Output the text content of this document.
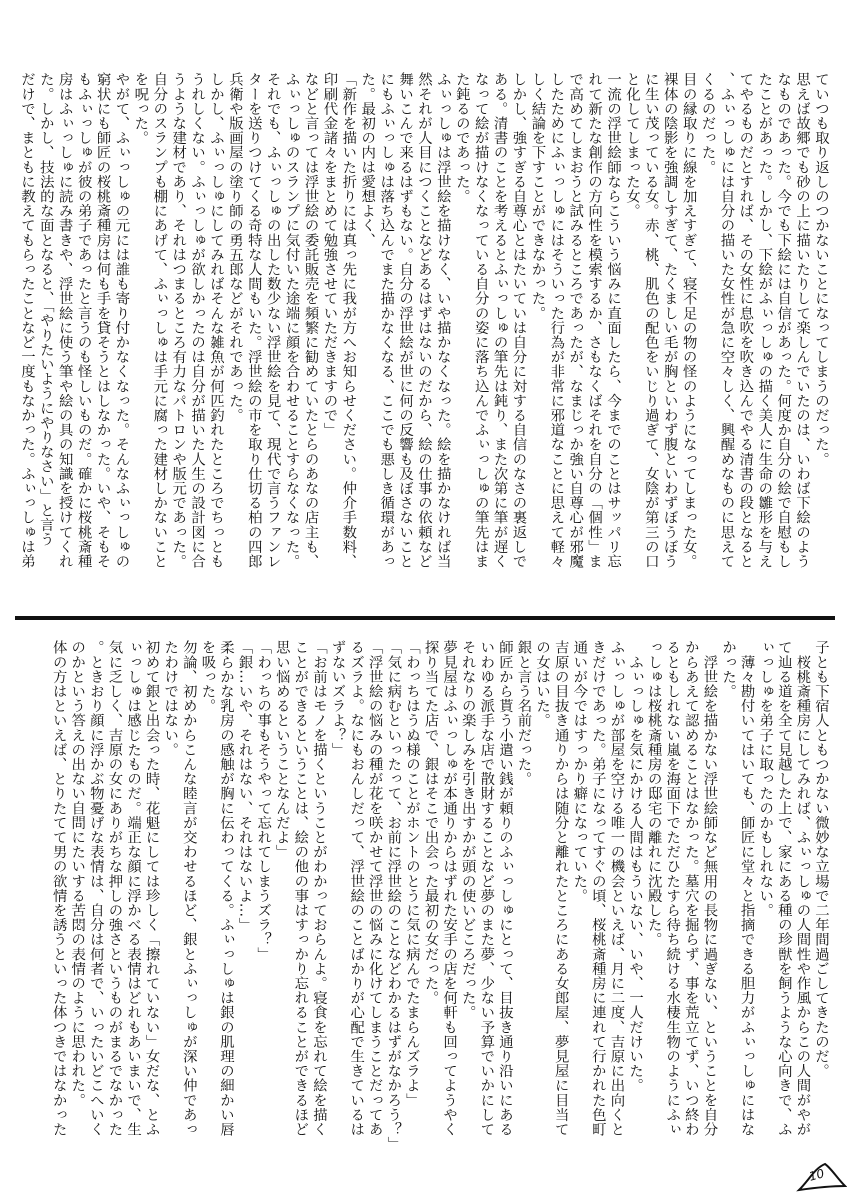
ていつも取り返しのつかないことになってしまうのだった。
思えば故郷でも砂の上に描いたりして楽しんでいたのは、いわば下絵のよう
なものであった。今でも下絵には自信があった。何度か自分の絵で自慰もし
たことがあった。しかし、下絵がふぃっしゅの描く美人に生命の雛形を与え
てやるものだとすれば、その女性に息吹を吹き込んでやる清書の段となると
、ふぃっしゅには自分の描いた女性が急に空々しく、興醒めなものに思えて
くるのだった。
目の縁取りに線を加えすぎて、寝不足の物の怪のようになってしまった女。
裸体の陰影を強調しすぎて、たくましい毛が胸といわず腹といわずぼうぼう
に生い茂っている女。赤、桃、肌色の配色をいじり過ぎて、女陰が第三の口
と化してしまった女。
一流の浮世絵師ならこういう悩みに直面したら、今までのことはサッパリ忘
れて新たな創作の方向性を模索するか、さもなくばそれを自分の「個性」ま
で高めてしまおうと試みるところであったが、なまじっか強い自尊心が邪魔
したためにふぃっしゅにはそういった行為が非常に邪道なことに思えて軽々
しく結論を下すことができなかった。
しかし、強すぎる自尊心とはたいていは自分に対する自信のなさの裏返しで
ある。清書のことを考えるとふぃっしゅの筆先は鈍り、また次第に筆が遅く
なって絵が描けなくなっている自分の姿に落ち込んでふぃっしゅの筆先はま
た鈍るのであった。
ふぃっしゅは浮世絵を描けなく、いや描かなくなった。絵を描かなければ当
然それが人目につくことなどあるはずはないのだから、絵の仕事の依頼など
舞いこんで来るはずもない。自分の浮世絵が世に何の反響も及ぼさないこと
にもふぃっしゅは落ち込んでまた描かなくなる、ここでも悪しき循環があっ
た。最初の内は愛想よく、
「新作を描いた折りには真っ先に我が方へお知らせください。仲介手数料、
印刷代金諸々をまとめて勉強させていただきますので」
などと言っては浮世絵の委託販売を頻繁に勧めていたとらのあなの店主も、
ふぃっしゅのスランプに気付いた途端に顔を合わせることすらなくなった。
それでも、ふぃっしゅの出した数少ない浮世絵を見て、現代で言うファンレ
ターを送りつけてくる奇特な人間もいた。浮世絵の市を取り仕切る柏の四郎
兵衛や版画屋の塗り師の勇五郎などがそれであった。
しかし、ふぃっしゅにしてみればそんな雑魚が何匹釣れたところでちっとも
うれしくない。ふぃっしゅが欲しかったのは自分が描いた人生の設計図に合
うような建材であり、それはつまるところ有力なパトロンや版元であった。
自分のスランプも棚にあげて、ふぃっしゅは手元に腐った建材しかないこと
を呪った。
やがて、ふぃっしゅの元には誰も寄り付かなくなった。そんなふぃっしゅの
窮状にも師匠の桜桃斎種房は何も手を貸そうとはしなかった。いや、そもそ
もふぃっしゅが彼の弟子であったと言うのも怪しいものだ。確かに桜桃斎種
房はふぃっしゅに読み書きや、浮世絵に使う筆や絵の具の知識を授けてくれ
た。しかし、技法的な面となると、「やりたいようにやりなさい」と言う
だけで、まともに教えてもらったことなど一度もなかった。ふぃっしゅは弟
子とも下宿人ともつかない微妙な立場で二年間過ごしてきたのだ。
　桜桃斎種房にしてみれば、ふぃっしゅの人間性や作風からこの人間がやが
て辿る道を全て見越した上で、家にある種の珍獣を飼うような心向きで、ふ
ぃっしゅを弟子に取ったのかもしれない。
　薄々勘付いてはいても、師匠に堂々と指摘できる胆力がふぃっしゅにはな
かった。
　浮世絵を描かない浮世絵師など無用の長物に過ぎない、ということを自分
からあえて認めることはなかった。墓穴を掘らず、事を荒立てず、いつ終わ
るともしれない嵐を海面下でただひたすら待ち続ける水棲生物のようにふぃ
っしゅは桜桃斎種房の邸宅の離れに沈殿した。
　ふぃっしゅを気にかける人間はもういない、いや、一人だけいた。
ふぃっしゅが部屋を空ける唯一の機会といえば、月に二度、吉原に出向くと
きだけであった。弟子になってすぐの頃、桜桃斎種房に連れて行かれた色町
通いが今ではすっかり癖になっていた。
吉原の目抜き通りからは随分と離れたところにある女郎屋、夢見屋に目当て
の女はいた。
銀と言う名前だった。
師匠から貰う小遣い銭が頼りのふぃっしゅにとって、目抜き通り沿いにある
いわゆる派手な店で散財することなど夢のまた夢、少ない予算でいかにして
それなりの楽しみを引き出すかが頭の使いどころだった。
夢見屋はふぃっしゅが本通りからはずれた安手の店を何軒も回ってようやく
探り当てた店で、銀はそこで出会った最初の女だった。
「わっちはうぬ様のことがホントのとうに気に病んでたまらんズラよ」
「気に病むといったって、お前に浮世絵のことなどわかるはずがなかろう？」
「浮世絵の悩みの種が花を咲かせて浮世の悩みに化けてしまうことだってあ
るズラよ。なにもおんしだって、浮世絵のことばかりが心配で生きているは
ずないズラよ？」
「お前はモノを描くということがわかっておらんよ。寝食を忘れて絵を描く
ことができるということは、絵の他の事はすっかり忘れることができるほど
思い悩めるということなんだよ」
「わっちの事もそうやって忘れてしまうズラ？」
「銀…いや、それはない、それはないよ…」
柔らかな乳房の感触が胸に伝わってくる。ふぃっしゅは銀の肌理の細かい唇
を吸った。
勿論、初めからこんな睦言が交わせるほど、銀とふぃっしゅが深い仲であっ
たわけではない。
初めて銀と出会った時、花魁にしては珍しく「擦れていない」女だな、とふ
ぃっしゅは感じたものだ。端正な顔に浮かべる表情はどれもあいまいで、生
気に乏しく、吉原の女にありがちな押しの強さというものがまるでなかった
。ときおり顔に浮かぶ物憂げな表情は、自分は何者で、いったいどこへいく
のかという答えの出ない自問にたいする苦悶の表情のように思われた。
体の方はといえば、とりたてて男の欲情を誘うといった体つきではなかった
10
